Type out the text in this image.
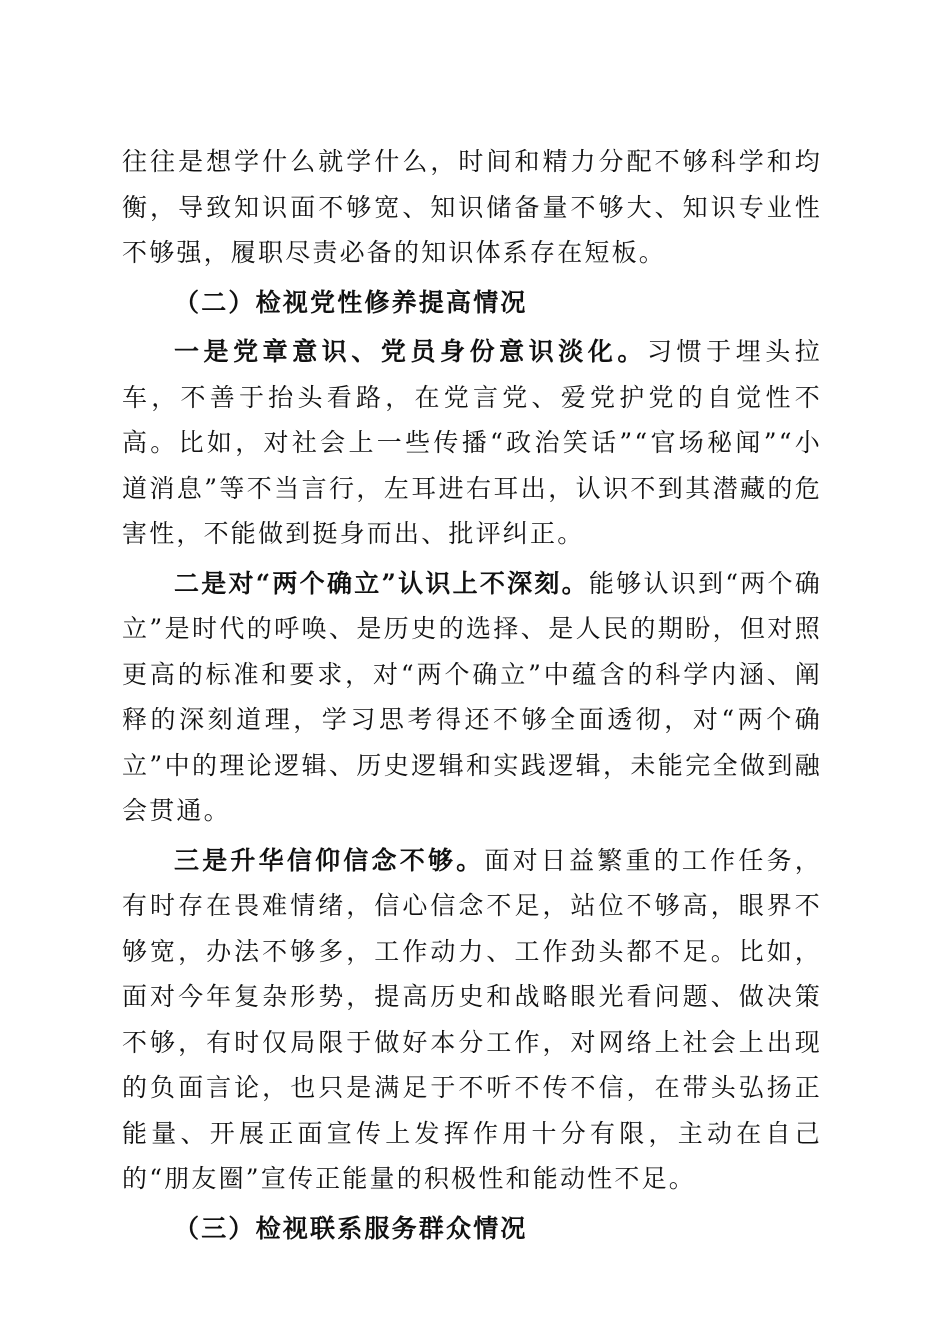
往往是想学什么就学什么，时间和精力分配不够科学和均衡，导致知识面不够宽、知识储备量不够大、知识专业性不够强，履职尽责必备的知识体系存在短板。

（二）检视党性修养提高情况

一是党章意识、党员身份意识淡化。习惯于埋头拉车，不善于抬头看路，在党言党、爱党护党的自觉性不高。比如，对社会上一些传播“政治笑话”“官场秘闻”“小道消息”等不当言行，左耳进右耳出，认识不到其潜藏的危害性，不能做到挺身而出、批评纠正。

二是对“两个确立”认识上不深刻。能够认识到“两个确立”是时代的呼唤、是历史的选择、是人民的期盼，但对照更高的标准和要求，对“两个确立”中蕴含的科学内涵、阐释的深刻道理，学习思考得还不够全面透彻，对“两个确立”中的理论逻辑、历史逻辑和实践逻辑，未能完全做到融会贯通。

三是升华信仰信念不够。面对日益繁重的工作任务，有时存在畏难情绪，信心信念不足，站位不够高，眼界不够宽，办法不够多，工作动力、工作劲头都不足。比如，面对今年复杂形势，提高历史和战略眼光看问题、做决策不够，有时仅局限于做好本分工作，对网络上社会上出现的负面言论，也只是满足于不听不传不信，在带头弘扬正能量、开展正面宣传上发挥作用十分有限，主动在自己的“朋友圈”宣传正能量的积极性和能动性不足。

（三）检视联系服务群众情况
